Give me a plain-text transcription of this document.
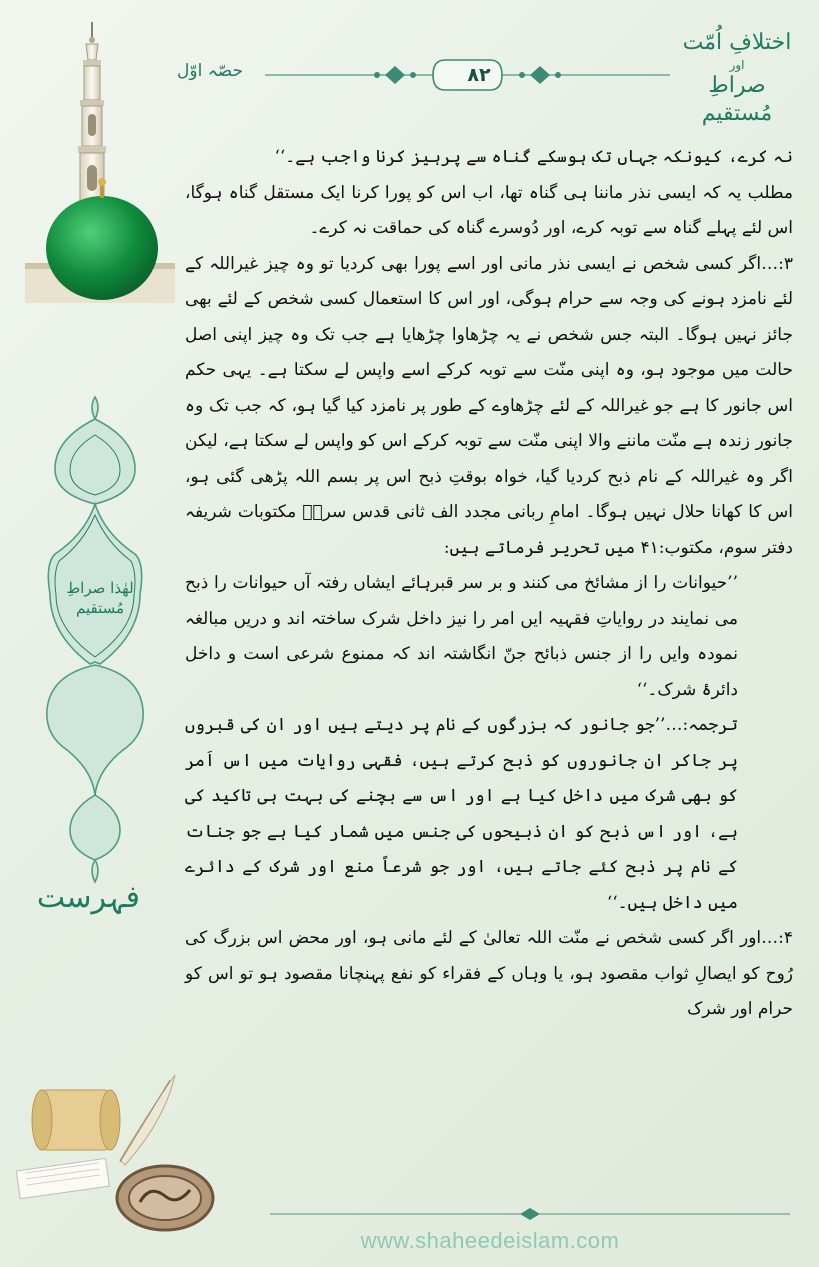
اختلافِ اُمّت
اور
صراطِ مُستقیم
حصّہ اوّل	۸۲
لھٰذا صراطِ مُستقیم
فہرست

نہ کرے، کیونکہ جہاں تک ہوسکے گناہ سے پرہیز کرنا واجب ہے۔‘‘

مطلب یہ کہ ایسی نذر ماننا ہی گناہ تھا، اب اس کو پورا کرنا ایک مستقل گناہ ہوگا، اس لئے پہلے گناہ سے توبہ کرے، اور دُوسرے گناہ کی حماقت نہ کرے۔

۳:…اگر کسی شخص نے ایسی نذر مانی اور اسے پورا بھی کردیا تو وہ چیز غیراللہ کے لئے نامزد ہونے کی وجہ سے حرام ہوگی، اور اس کا استعمال کسی شخص کے لئے بھی جائز نہیں ہوگا۔ البتہ جس شخص نے یہ چڑھاوا چڑھایا ہے جب تک وہ چیز اپنی اصل حالت میں موجود ہو، وہ اپنی منّت سے توبہ کرکے اسے واپس لے سکتا ہے۔ یہی حکم اس جانور کا ہے جو غیراللہ کے لئے چڑھاوے کے طور پر نامزد کیا گیا ہو، کہ جب تک وہ جانور زندہ ہے منّت ماننے والا اپنی منّت سے توبہ کرکے اس کو واپس لے سکتا ہے، لیکن اگر وہ غیراللہ کے نام ذبح کردیا گیا، خواہ بوقتِ ذبح اس پر بسم اللہ پڑھی گئی ہو، اس کا کھانا حلال نہیں ہوگا۔ امامِ ربانی مجدد الف ثانی قدس سرہٗ مکتوبات شریفہ دفتر سوم، مکتوب:۴۱ میں تحریر فرماتے ہیں:

’’حیوانات را از مشائخ می کنند و بر سر قبرہائے ایشاں رفتہ آں حیوانات را ذبح می نمایند در روایاتِ فقہیہ ایں امر را نیز داخل شرک ساختہ اند و دریں مبالغہ نمودہ وایں را از جنس ذبائح جنّ انگاشتہ اند کہ ممنوع شرعی است و داخل دائرۂ شرک۔‘‘

ترجمہ:…’’جو جانور کہ بزرگوں کے نام پر دیتے ہیں اور ان کی قبروں پر جاکر ان جانوروں کو ذبح کرتے ہیں، فقہی روایات میں اس اَمر کو بھی شرک میں داخل کیا ہے اور اس سے بچنے کی بہت ہی تاکید کی ہے، اور اس ذبح کو ان ذبیحوں کی جنس میں شمار کیا ہے جو جنات کے نام پر ذبح کئے جاتے ہیں، اور جو شرعاً منع اور شرک کے دائرے میں داخل ہیں۔‘‘

۴:…اور اگر کسی شخص نے منّت اللہ تعالیٰ کے لئے مانی ہو، اور محض اس بزرگ کی رُوح کو ایصالِ ثواب مقصود ہو، یا وہاں کے فقراء کو نفع پہنچانا مقصود ہو تو اس کو حرام اور شرک

www.shaheedeislam.com
